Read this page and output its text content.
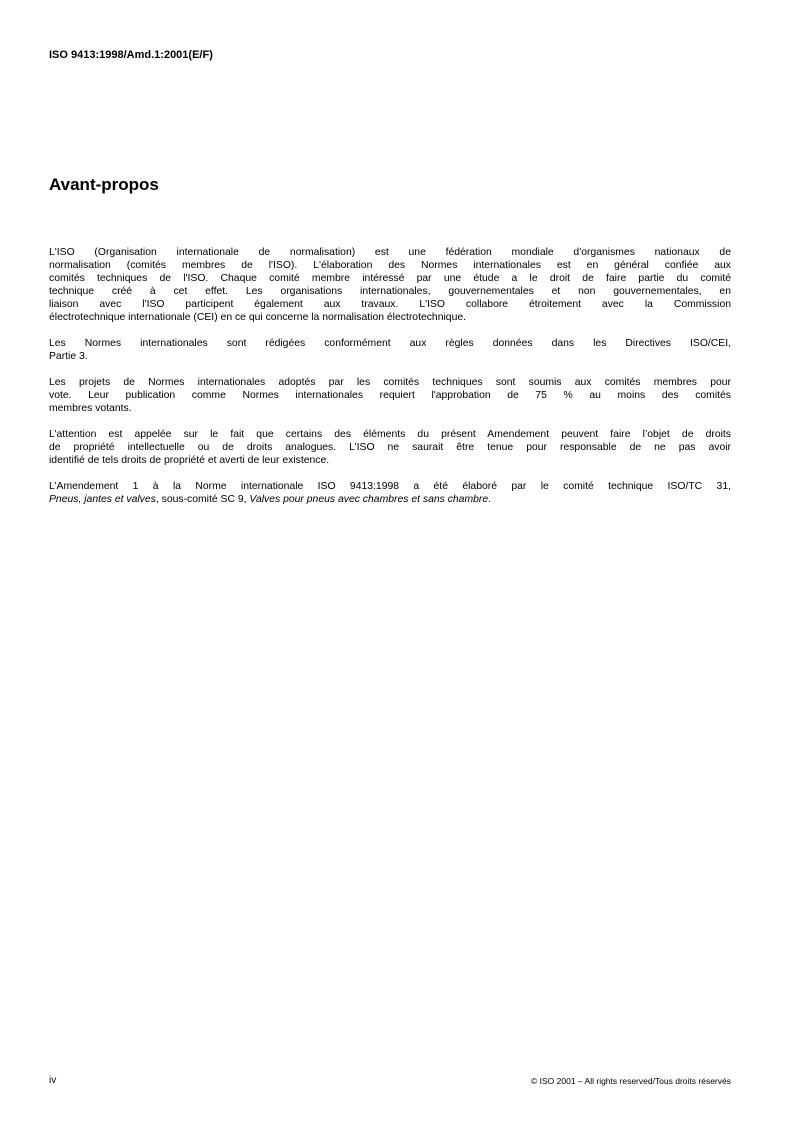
ISO 9413:1998/Amd.1:2001(E/F)
Avant-propos

L'ISO (Organisation internationale de normalisation) est une fédération mondiale d'organismes nationaux de
normalisation (comités membres de l'ISO). L'élaboration des Normes internationales est en général confiée aux
comités techniques de l'ISO. Chaque comité membre intéressé par une étude a le droit de faire partie du comité
technique créé à cet effet. Les organisations internationales, gouvernementales et non gouvernementales, en
liaison avec l'ISO participent également aux travaux. L'ISO collabore étroitement avec la Commission
électrotechnique internationale (CEI) en ce qui concerne la normalisation électrotechnique.

Les Normes internationales sont rédigées conformément aux règles données dans les Directives ISO/CEI,
Partie 3.

Les projets de Normes internationales adoptés par les comités techniques sont soumis aux comités membres pour
vote. Leur publication comme Normes internationales requiert l'approbation de 75 % au moins des comités
membres votants.

L’attention est appelée sur le fait que certains des éléments du présent Amendement peuvent faire l’objet de droits
de propriété intellectuelle ou de droits analogues. L’ISO ne saurait être tenue pour responsable de ne pas avoir
identifié de tels droits de propriété et averti de leur existence.

L’Amendement 1 à la Norme internationale ISO 9413:1998 a été élaboré par le comité technique ISO/TC 31,
Pneus, jantes et valves, sous-comité SC 9, Valves pour pneus avec chambres et sans chambre.

iv	© ISO 2001 – All rights reserved/Tous droits réservés
